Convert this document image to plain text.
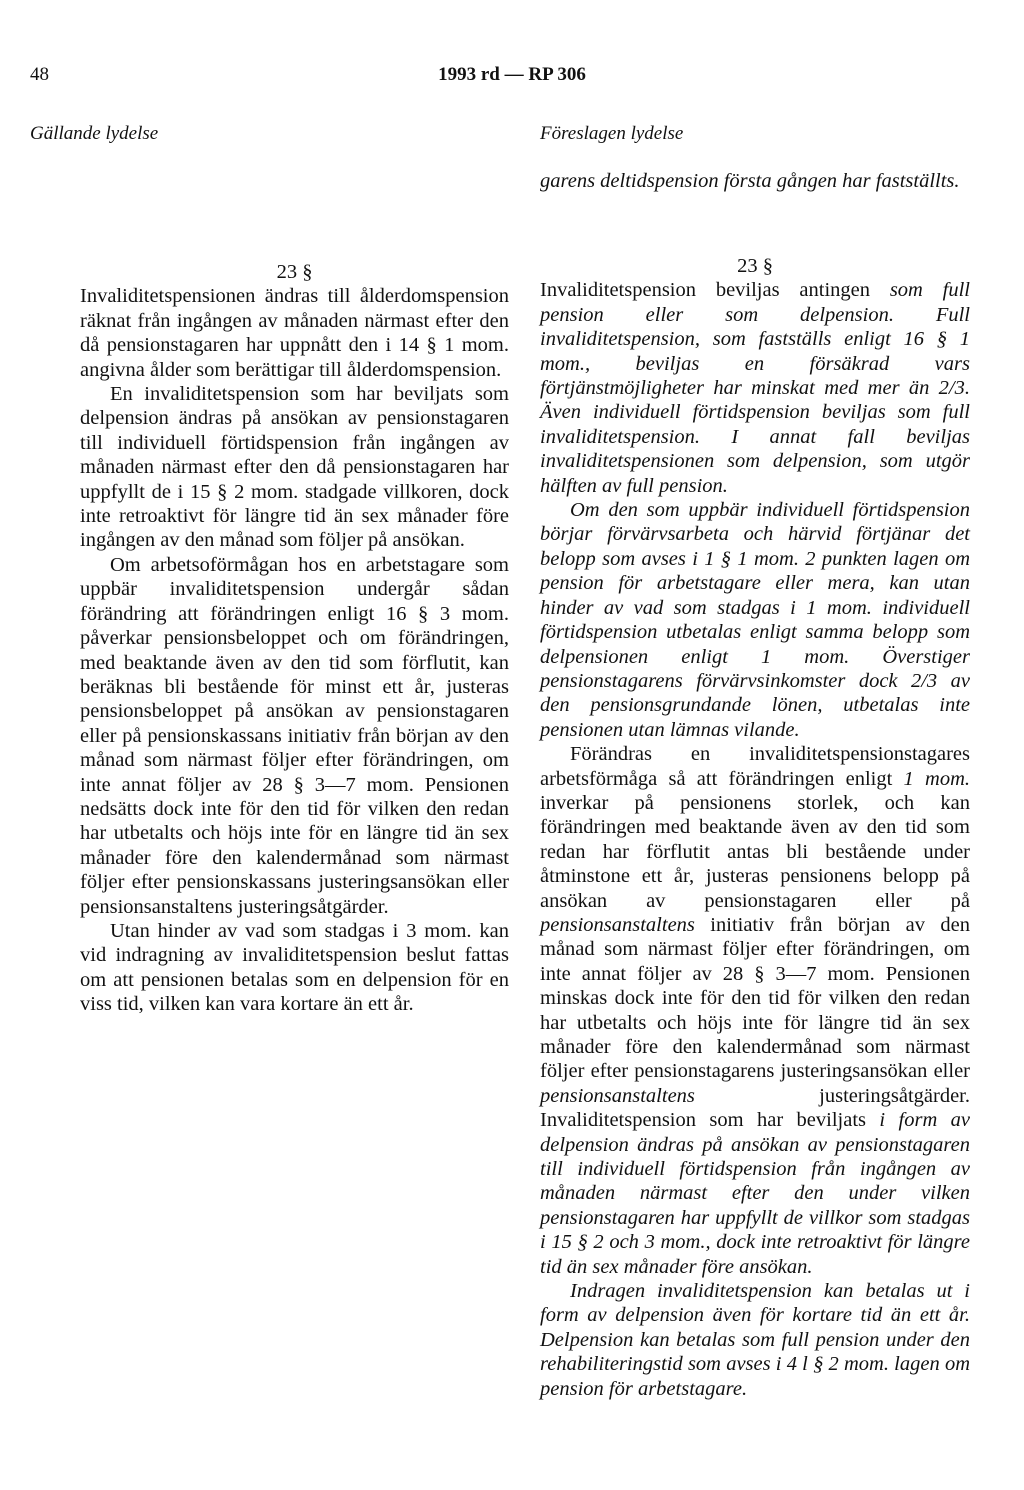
48	1993 rd — RP 306
Gällande lydelse	Föreslagen lydelse

garens deltidspension första gången har fastställts.

23 §

Invaliditetspensionen ändras till ålderdomspension räknat från ingången av månaden närmast efter den då pensionstagaren har uppnått den i 14 § 1 mom. angivna ålder som berättigar till ålderdomspension.

En invaliditetspension som har beviljats som delpension ändras på ansökan av pensionstagaren till individuell förtidspension från ingången av månaden närmast efter den då pensionstagaren har uppfyllt de i 15 § 2 mom. stadgade villkoren, dock inte retroaktivt för längre tid än sex månader före ingången av den månad som följer på ansökan.

Om arbetsoförmågan hos en arbetstagare som uppbär invaliditetspension undergår sådan förändring att förändringen enligt 16 § 3 mom. påverkar pensionsbeloppet och om förändringen, med beaktande även av den tid som förflutit, kan beräknas bli bestående för minst ett år, justeras pensionsbeloppet på ansökan av pensionstagaren eller på pensionskassans initiativ från början av den månad som närmast följer efter förändringen, om inte annat följer av 28 § 3—7 mom. Pensionen nedsätts dock inte för den tid för vilken den redan har utbetalts och höjs inte för en längre tid än sex månader före den kalendermånad som närmast följer efter pensionskassans justeringsansökan eller pensionsanstaltens justeringsåtgärder.

Utan hinder av vad som stadgas i 3 mom. kan vid indragning av invaliditetspension beslut fattas om att pensionen betalas som en delpension för en viss tid, vilken kan vara kortare än ett år.

23 §

Invaliditetspension beviljas antingen som full pension eller som delpension. Full invaliditetspension, som fastställs enligt 16 § 1 mom., beviljas en försäkrad vars förtjänstmöjligheter har minskat med mer än 2/3. Även individuell förtidspension beviljas som full invaliditetspension. I annat fall beviljas invaliditetspensionen som delpension, som utgör hälften av full pension.

Om den som uppbär individuell förtidspension börjar förvärvsarbeta och härvid förtjänar det belopp som avses i 1 § 1 mom. 2 punkten lagen om pension för arbetstagare eller mera, kan utan hinder av vad som stadgas i 1 mom. individuell förtidspension utbetalas enligt samma belopp som delpensionen enligt 1 mom. Överstiger pensionstagarens förvärvsinkomster dock 2/3 av den pensionsgrundande lönen, utbetalas inte pensionen utan lämnas vilande.

Förändras en invaliditetspensionstagares arbetsförmåga så att förändringen enligt 1 mom. inverkar på pensionens storlek, och kan förändringen med beaktande även av den tid som redan har förflutit antas bli bestående under åtminstone ett år, justeras pensionens belopp på ansökan av pensionstagaren eller på pensionsanstaltens initiativ från början av den månad som närmast följer efter förändringen, om inte annat följer av 28 § 3—7 mom. Pensionen minskas dock inte för den tid för vilken den redan har utbetalts och höjs inte för längre tid än sex månader före den kalendermånad som närmast följer efter pensionstagarens justeringsansökan eller pensionsanstaltens justeringsåtgärder. Invaliditetspension som har beviljats i form av delpension ändras på ansökan av pensionstagaren till individuell förtidspension från ingången av månaden närmast efter den under vilken pensionstagaren har uppfyllt de villkor som stadgas i 15 § 2 och 3 mom., dock inte retroaktivt för längre tid än sex månader före ansökan.

Indragen invaliditetspension kan betalas ut i form av delpension även för kortare tid än ett år. Delpension kan betalas som full pension under den rehabiliteringstid som avses i 4 l § 2 mom. lagen om pension för arbetstagare.
